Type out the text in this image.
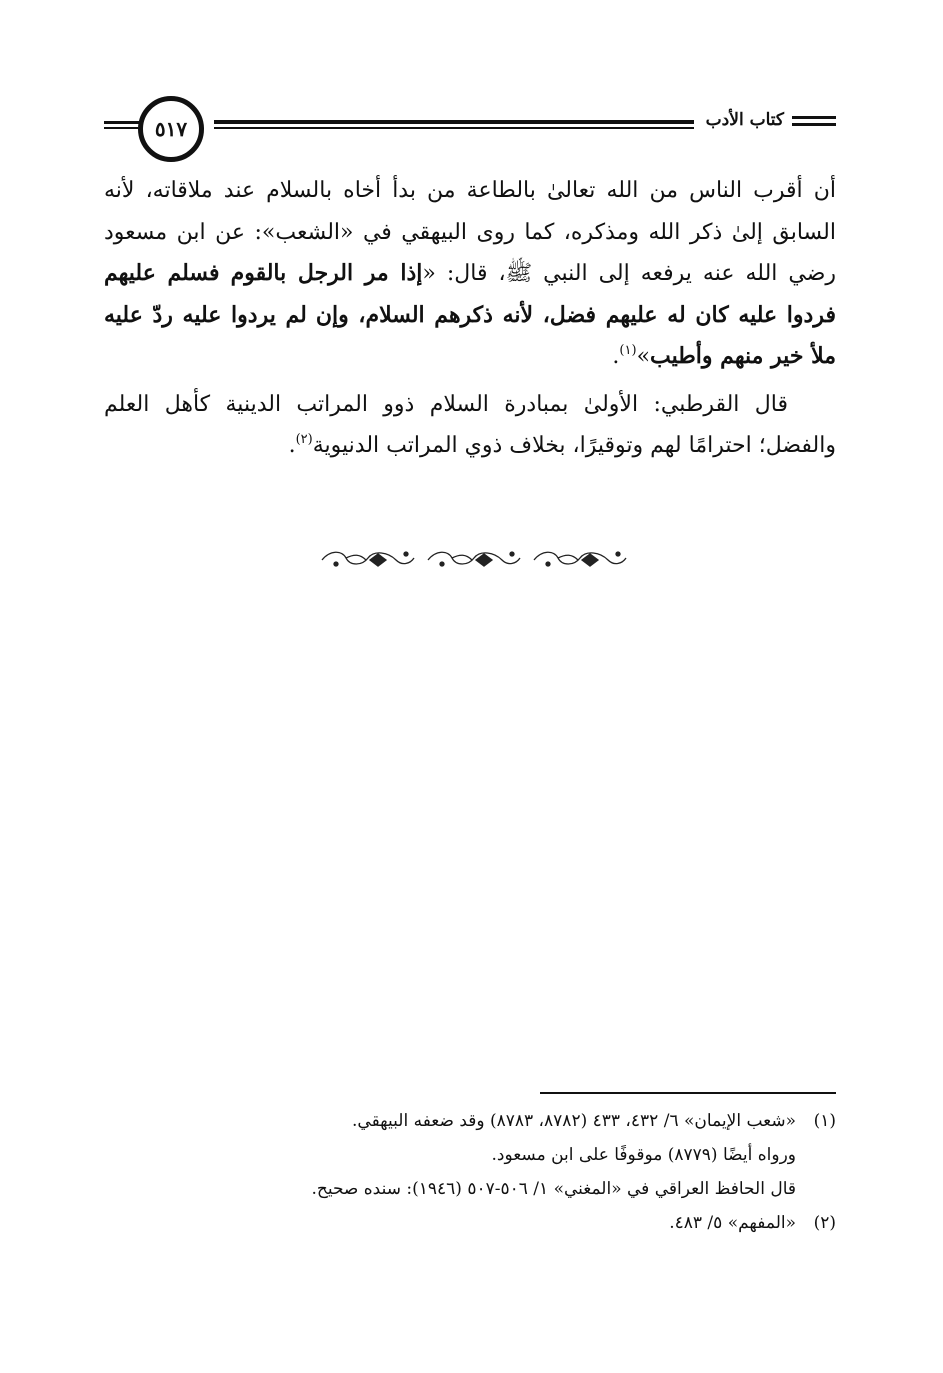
كتاب الأدب
٥١٧

أن أقرب الناس من الله تعالىٰ بالطاعة من بدأ أخاه بالسلام عند ملاقاته، لأنه السابق إلىٰ ذكر الله ومذكره، كما روى البيهقي في «الشعب»: عن ابن مسعود رضي الله عنه يرفعه إلى النبي ﷺ، قال: «إذا مر الرجل بالقوم فسلم عليهم فردوا عليه كان له عليهم فضل، لأنه ذكرهم السلام، وإن لم يردوا عليه ردّ عليه ملأ خير منهم وأطيب»$^{(١)}$.

قال القرطبي: الأولىٰ بمبادرة السلام ذوو المراتب الدينية كأهل العلم والفضل؛ احترامًا لهم وتوقيرًا، بخلاف ذوي المراتب الدنيوية$^{(٢)}$.

(١)
«شعب الإيمان» ٦/ ٤٣٢، ٤٣٣ (٨٧٨٢، ٨٧٨٣) وقد ضعفه البيهقي.

ورواه أيضًا (٨٧٧٩) موقوفًا على ابن مسعود.

قال الحافظ العراقي في «المغني» ١/ ٥٠٦-٥٠٧ (١٩٤٦): سنده صحيح.

(٢)
«المفهم» ٥/ ٤٨٣.
